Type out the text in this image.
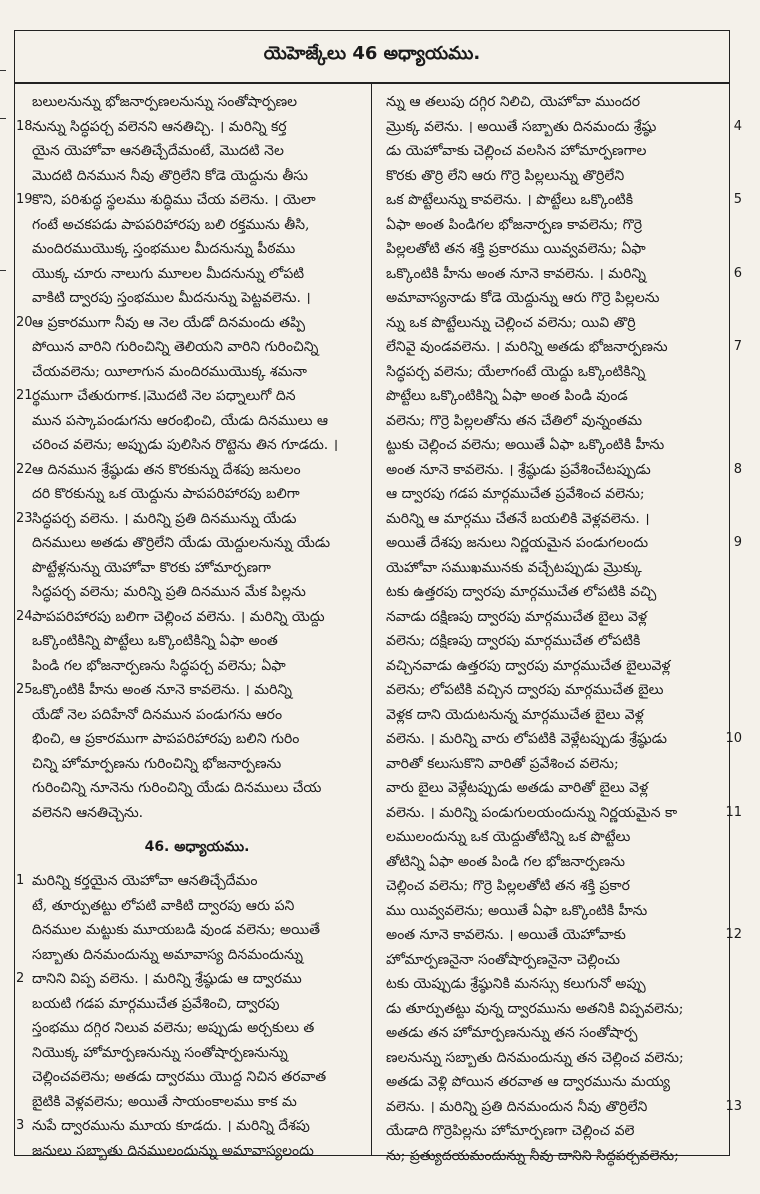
యెహెజ్కేలు 46 అధ్యాయము.
బలులనున్ను భోజనార్పణలనున్ను సంతోషార్పణల
18 నున్ను సిద్ధపర్చ వలెనని ఆనతిచ్చి. । మరిన్ని కర్త
యైన యెహోవా ఆనతిచ్చేదేమంటే, మొదటి నెల
మొదటి దినమున నీవు తొర్రిలేని కోడె యెద్దును తీసు
19 కొని, పరిశుద్ధ స్థలము శుద్ధిము చేయ వలెను. । యెలా
గంటే అచకపడు పాపపరిహారపు బలి రక్తమును తీసి,
మందిరముయొక్క స్తంభముల మీదనున్ను పీఠము
యొక్క చూరు నాలుగు మూలల మీదనున్ను లోపటి
వాకిటి ద్వారపు స్తంభముల మీదనున్ను పెట్టవలెను. ।
20 ఆ ప్రకారముగా నీవు ఆ నెల యేడో దినమందు తప్పి
పోయిన వారిని గురించిన్ని తెలియని వారిని గురించిన్ని
చేయవలెను; యీలాగున మందిరముయొక్క శమనా
21 ర్థముగా చేతురుగాక.।మొదటి నెల పధ్నాలుగో దిన
మున పస్కాపండుగను ఆరంభించి, యేడు దినములు ఆ
చరించ వలెను; అప్పుడు పులిసిన రొట్టెను తిన గూడదు. ।
22 ఆ దినమున శ్రేష్ఠుడు తన కొరకున్ను దేశపు జనులం
దరి కొరకున్ను ఒక యెద్దును పాపపరిహారపు బలిగా
23 సిద్ధపర్చ వలెను. । మరిన్ని ప్రతి దినమున్ను యేడు
దినములు అతడు తొర్రిలేని యేడు యెద్దులనున్ను యేడు
పొట్టేళ్లనున్ను యెహోవా కొరకు హోమార్పణగా
సిద్ధపర్చ వలెను; మరిన్ని ప్రతి దినమున మేక పిల్లను
24 పాపపరిహారపు బలిగా చెల్లించ వలెను. । మరిన్ని యెద్దు
ఒక్కొంటికిన్ని పొట్టేలు ఒక్కొంటికిన్ని ఏఫా అంత
పిండి గల భోజనార్పణను సిద్ధపర్చ వలెను; ఏఫా
25 ఒక్కొంటికి హీను అంత నూనె కావలెను. । మరిన్ని
యేడో నెల పదిహేనో దినమున పండుగను ఆరం
భించి, ఆ ప్రకారముగా పాపపరిహారపు బలిని గురిం
చిన్ని హోమార్పణను గురించిన్ని భోజనార్పణను
గురించిన్ని నూనెను గురించిన్ని యేడు దినములు చేయ
వలెనని ఆనతిచ్చెను.
46. అధ్యాయము.
1 మరిన్ని కర్తయైన యెహోవా ఆనతిచ్చేదేమం
టే, తూర్పుతట్టు లోపటి వాకిటి ద్వారపు ఆరు పని
దినముల మట్టుకు మూయబడి వుండ వలెను; అయితే
సబ్బాతు దినమందున్ను అమావాస్య దినమందున్ను
2 దానిని విప్ప వలెను. । మరిన్ని శ్రేష్ఠుడు ఆ ద్వారము
బయటి గడప మార్గముచేత ప్రవేశించి, ద్వారపు
స్తంభము దగ్గిర నిలువ వలెను; అప్పుడు అర్చకులు త
నియొక్క హోమార్పణనున్ను సంతోషార్పణనున్ను
చెల్లించవలెను; అతడు ద్వారము యొద్ద నిచిన తరవాత
బైటికి వెళ్లవలెను; అయితే సాయంకాలము కాక మ
3 నుపే ద్వారమును మూయ కూడదు. । మరిన్ని దేశపు
జనులు సబ్బాతు దినములందున్ను అమావాస్యలందు
న్ను ఆ తలుపు దగ్గిర నిలిచి, యెహోవా ముందర
4
మ్రొక్క వలెను. । అయితే సబ్బాతు దినమందు శ్రేష్ఠు
డు యెహోవాకు చెల్లించ వలసిన హోమార్పణగాల
కొరకు తొర్రి లేని ఆరు గొర్రె పిల్లలున్ను తొర్రిలేని
5
ఒక పొట్టేలున్ను కావలెను. । పొట్టేలు ఒక్కొంటికి
ఏఫా అంత పిండిగల భోజనార్పణ కావలెను; గొర్రె
పిల్లలతోటి తన శక్తి ప్రకారము యివ్వవలెను; ఏఫా
6
ఒక్కొంటికి హీను అంత నూనె కావలెను. । మరిన్ని
అమావాస్యనాడు కోడె యెద్దున్ను ఆరు గొర్రె పిల్లలను
న్ను ఒక పొట్టేలున్ను చెల్లించ వలెను; యివి తొర్రి
7
లేనివై వుండవలెను. । మరిన్ని అతడు భోజనార్పణను
సిద్ధపర్చ వలెను; యేలాగంటే యెద్దు ఒక్కొంటికిన్ని
పొట్టేలు ఒక్కొంటికిన్ని ఏఫా అంత పిండి వుండ
వలెను; గొర్రె పిల్లలతోను తన చేతిలో వున్నంతమ
ట్టుకు చెల్లించ వలెను; అయితే ఏఫా ఒక్కొంటికి హీను
8
అంత నూనె కావలెను. । శ్రేష్ఠుడు ప్రవేశించేటప్పుడు
ఆ ద్వారపు గడప మార్గముచేత ప్రవేశించ వలెను;
మరిన్ని ఆ మార్గము చేతనే బయలికి వెళ్లవలెను. ।
9
అయితే దేశపు జనులు నిర్ణయమైన పండుగలందు
యెహోవా సముఖమునకు వచ్చేటప్పుడు మ్రొక్కు
టకు ఉత్తరపు ద్వారపు మార్గముచేత లోపటికి వచ్చి
నవాడు దక్షిణపు ద్వారపు మార్గముచేత బైలు వెళ్ల
వలెను; దక్షిణపు ద్వారపు మార్గముచేత లోపటికి
వచ్చినవాడు ఉత్తరపు ద్వారపు మార్గముచేత బైలువెళ్ల
వలెను; లోపటికి వచ్చిన ద్వారపు మార్గముచేత బైలు
వెళ్లక దాని యెదుటనున్న మార్గముచేత బైలు వెళ్ల
10
వలెను. । మరిన్ని వారు లోపటికి వెళ్లేటప్పుడు శ్రేష్ఠుడు
వారితో కలుసుకొని వారితో ప్రవేశించ వలెను;
వారు బైలు వెళ్లేటప్పుడు అతడు వారితో బైలు వెళ్ల
11
వలెను. । మరిన్ని పండుగులయందున్ను నిర్ణయమైన కా
లములందున్ను ఒక యెద్దుతోటిన్ని ఒక పొట్టేలు
తోటిన్ని ఏఫా అంత పిండి గల భోజనార్పణను
చెల్లించ వలెను; గొర్రె పిల్లలతోటి తన శక్తి ప్రకార
ము యివ్వవలెను; అయితే ఏఫా ఒక్కొంటికి హీను
12
అంత నూనె కావలెను. । అయితే యెహోవాకు
హోమార్పణనైనా సంతోషార్పణనైనా చెల్లించు
టకు యెప్పుడు శ్రేష్ఠునికి మనస్సు కలుగునో అప్పు
డు తూర్పుతట్టు వున్న ద్వారమును అతనికి విప్పవలెను;
అతడు తన హోమార్పణనున్ను తన సంతోషార్ప
ణలనున్ను సబ్బాతు దినమందున్ను తన చెల్లించ వలెను;
అతడు వెళ్లి పోయిన తరవాత ఆ ద్వారమును మయ్య
13
వలెను. । మరిన్ని ప్రతి దినమందున నీవు తొర్రిలేని
యేడాది గొర్రెపిల్లను హోమార్పణగా చెల్లించ వలె
ను; ప్రత్యుదయమందున్ను నీవు దానిని సిద్ధపర్చవలెను;
